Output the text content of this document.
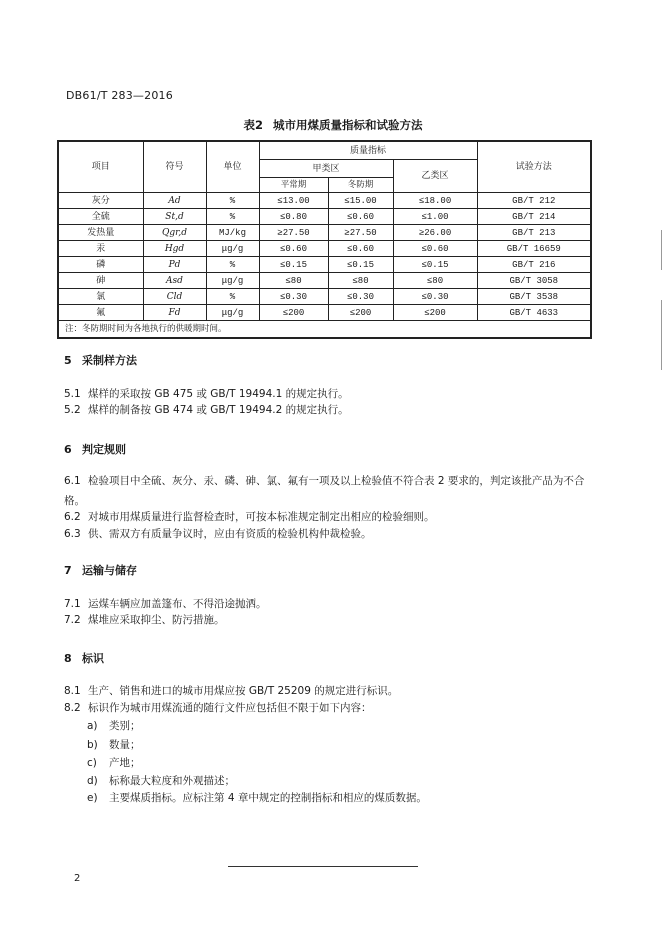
DB61/T 283—2016
表2 城市用煤质量指标和试验方法
项目	符号	单位	质量指标			试验方法
			甲类区		乙类区	
			平常期	冬防期		
灰分	Ad	%	≤13.00	≤15.00	≤18.00	GB/T 212
全硫	St,d	%	≤0.80	≤0.60	≤1.00	GB/T 214
发热量	Qgr,d	MJ/kg	≥27.50	≥27.50	≥26.00	GB/T 213
汞	Hgd	μg/g	≤0.60	≤0.60	≤0.60	GB/T 16659
磷	Pd	%	≤0.15	≤0.15	≤0.15	GB/T 216
砷	Asd	μg/g	≤80	≤80	≤80	GB/T 3058
氯	Cld	%	≤0.30	≤0.30	≤0.30	GB/T 3538
氟	Fd	μg/g	≤200	≤200	≤200	GB/T 4633
注：冬防期时间为各地执行的供暖期时间。						
5 采制样方法
5.1 煤样的采取按 GB 475 或 GB/T 19494.1 的规定执行。
5.2 煤样的制备按 GB 474 或 GB/T 19494.2 的规定执行。
6 判定规则
6.1 检验项目中全硫、灰分、汞、磷、砷、氯、氟有一项及以上检验值不符合表 2 要求的，判定该批产品为不合格。
6.2 对城市用煤质量进行监督检查时，可按本标准规定制定出相应的检验细则。
6.3 供、需双方有质量争议时，应由有资质的检验机构仲裁检验。
7 运输与储存
7.1 运煤车辆应加盖篷布、不得沿途抛洒。
7.2 煤堆应采取抑尘、防污措施。
8 标识
8.1 生产、销售和进口的城市用煤应按 GB/T 25209 的规定进行标识。
8.2 标识作为城市用煤流通的随行文件应包括但不限于如下内容：
a) 类别；
b) 数量；
c) 产地；
d) 标称最大粒度和外观描述；
e) 主要煤质指标。应标注第 4 章中规定的控制指标和相应的煤质数据。
2
